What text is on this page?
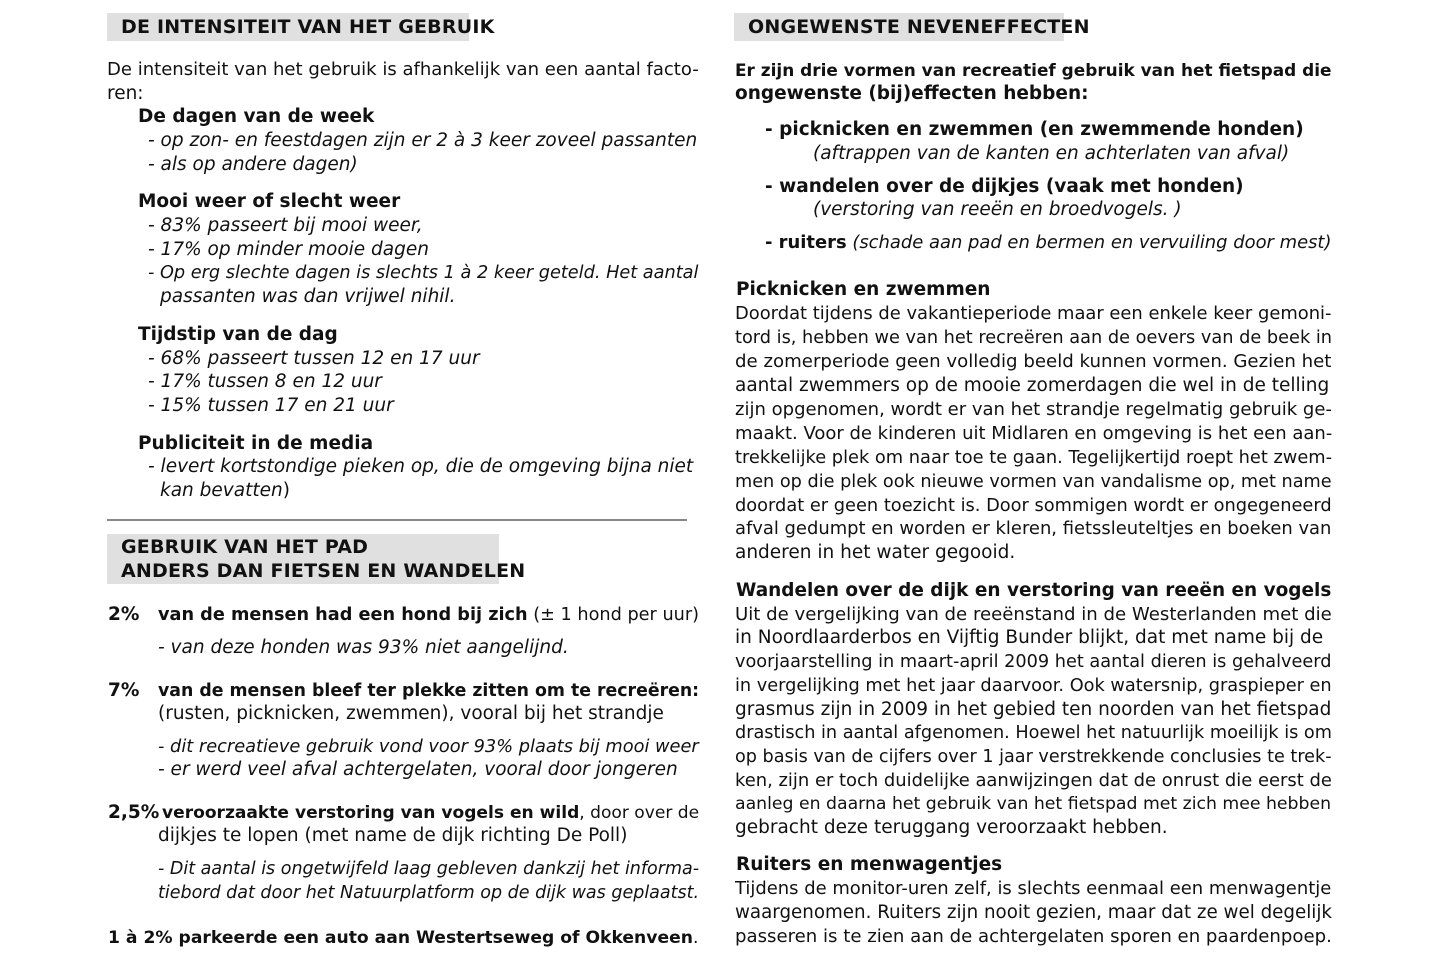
DE INTENSITEIT VAN HET GEBRUIK
De intensiteit van het gebruik is afhankelijk van een aantal facto-
ren:
De dagen van de week
- op zon- en feestdagen zijn er 2 à 3 keer zoveel passanten
- als op andere dagen)
Mooi weer of slecht weer
- 83% passeert bij mooi weer,
- 17% op minder mooie dagen
- Op erg slechte dagen is slechts 1 à 2 keer geteld. Het aantal
passanten was dan vrijwel nihil.
Tijdstip van de dag
- 68% passeert tussen 12 en 17 uur
- 17% tussen 8 en 12 uur
- 15% tussen 17 en 21 uur
Publiciteit in de media
- levert kortstondige pieken op, die de omgeving bijna niet
kan bevatten)
GEBRUIK VAN HET PAD
ANDERS DAN FIETSEN EN WANDELEN
2% van de mensen had een hond bij zich (± 1 hond per uur)
- van deze honden was 93% niet aangelijnd.
7% van de mensen bleef ter plekke zitten om te recreëren:
(rusten, picknicken, zwemmen), vooral bij het strandje
- dit recreatieve gebruik vond voor 93% plaats bij mooi weer
- er werd veel afval achtergelaten, vooral door jongeren
2,5% veroorzaakte verstoring van vogels en wild, door over de
dijkjes te lopen (met name de dijk richting De Poll)
- Dit aantal is ongetwijfeld laag gebleven dankzij het informa-
tiebord dat door het Natuurplatform op de dijk was geplaatst.
1 à 2% parkeerde een auto aan Westertseweg of Okkenveen.
ONGEWENSTE NEVENEFFECTEN
Er zijn drie vormen van recreatief gebruik van het fietspad die
ongewenste (bij)effecten hebben:
- picknicken en zwemmen (en zwemmende honden)
(aftrappen van de kanten en achterlaten van afval)
- wandelen over de dijkjes (vaak met honden)
(verstoring van reeën en broedvogels. )
- ruiters (schade aan pad en bermen en vervuiling door mest)
Picknicken en zwemmen
Doordat tijdens de vakantieperiode maar een enkele keer gemoni-
tord is, hebben we van het recreëren aan de oevers van de beek in
de zomerperiode geen volledig beeld kunnen vormen. Gezien het
aantal zwemmers op de mooie zomerdagen die wel in de telling
zijn opgenomen, wordt er van het strandje regelmatig gebruik ge-
maakt. Voor de kinderen uit Midlaren en omgeving is het een aan-
trekkelijke plek om naar toe te gaan. Tegelijkertijd roept het zwem-
men op die plek ook nieuwe vormen van vandalisme op, met name
doordat er geen toezicht is. Door sommigen wordt er ongegeneerd
afval gedumpt en worden er kleren, fietssleuteltjes en boeken van
anderen in het water gegooid.
Wandelen over de dijk en verstoring van reeën en vogels
Uit de vergelijking van de reeënstand in de Westerlanden met die
in Noordlaarderbos en Vijftig Bunder blijkt, dat met name bij de
voorjaarstelling in maart-april 2009 het aantal dieren is gehalveerd
in vergelijking met het jaar daarvoor. Ook watersnip, graspieper en
grasmus zijn in 2009 in het gebied ten noorden van het fietspad
drastisch in aantal afgenomen. Hoewel het natuurlijk moeilijk is om
op basis van de cijfers over 1 jaar verstrekkende conclusies te trek-
ken, zijn er toch duidelijke aanwijzingen dat de onrust die eerst de
aanleg en daarna het gebruik van het fietspad met zich mee hebben
gebracht deze teruggang veroorzaakt hebben.
Ruiters en menwagentjes
Tijdens de monitor-uren zelf, is slechts eenmaal een menwagentje
waargenomen. Ruiters zijn nooit gezien, maar dat ze wel degelijk
passeren is te zien aan de achtergelaten sporen en paardenpoep.
